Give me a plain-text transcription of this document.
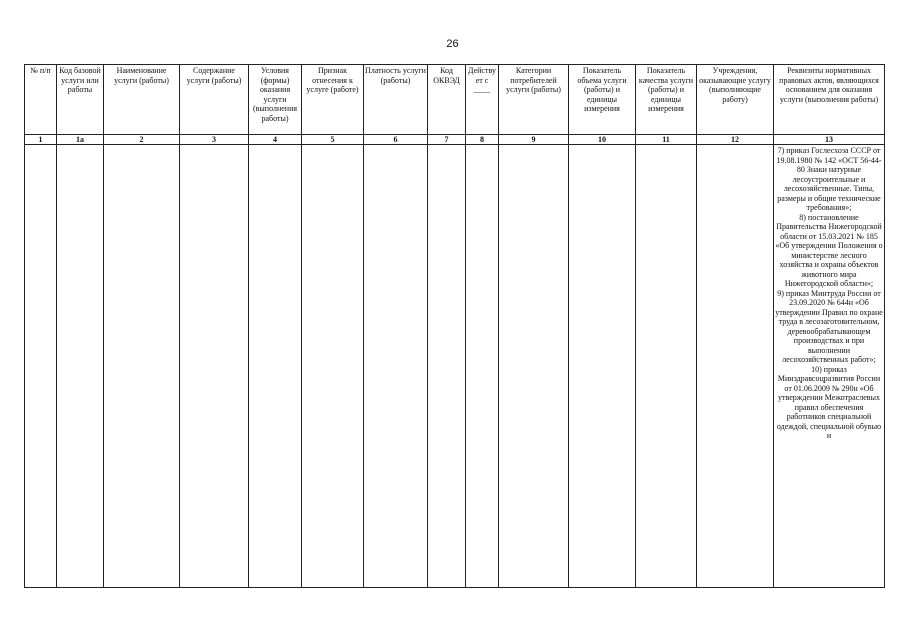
26
№ п/п	Код базовой услуги или работы	Наименование услуги (работы)	Содержание услуги (работы)	Условия (формы) оказания услуги (выполнения работы)	Признак отнесения к услуге (работе)	Платность услуги (работы)	Код ОКВЭД	Действует с ____	Категории потребителей услуги (работы)	Показатель объема услуги (работы) и единицы измерения	Показатель качества услуги (работы) и единицы измерения	Учреждения, оказывающие услугу (выполняющие работу)	Реквизиты нормативных правовых актов, являющихся основанием для оказания услуги (выполнения работы)
1	1а	2	3	4	5	6	7	8	9	10	11	12	13

													7) приказ Гослесхоза СССР от 19.08.1980 № 142 «ОСТ 56-44-80 Знаки натурные лесоустроительные и лесохозяйственные. Типы, размеры и общие технические требования»;
8) постановление Правительства Нижегородской области от 15.03.2021 № 185 «Об утверждении Положения о министерстве лесного хозяйства и охраны объектов животного мира Нижегородской области»;
9) приказ Минтруда России от 23.09.2020 № 644н «Об утверждении Правил по охране труда в лесозаготовительном, деревообрабатывающем производствах и при выполнении лесохозяйственных работ»;
10) приказ Минздравсоцразвития России от 01.06.2009 № 290н «Об утверждении Межотраслевых правил обеспечения работников специальной одеждой, специальной обувью и
